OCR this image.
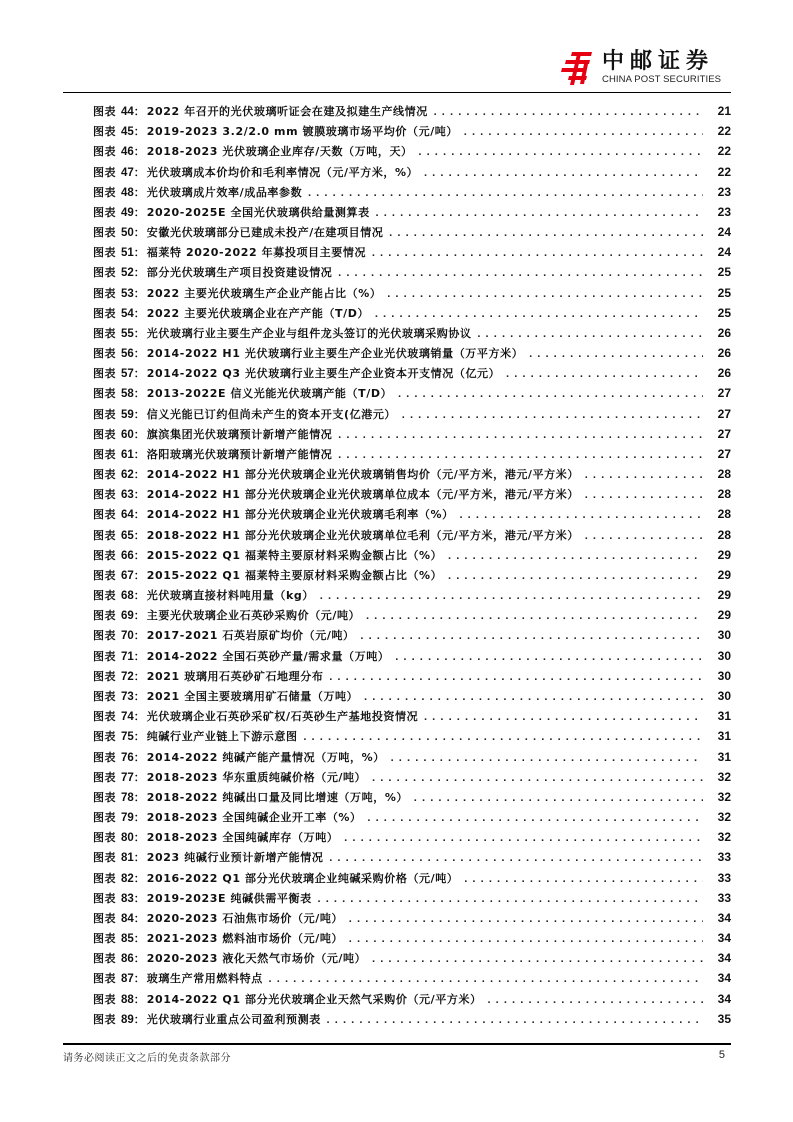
中邮证券
CHINA POST SECURITIES
图表 44 ： 2022 年召开的光伏玻璃听证会在建及拟建生产线情况 .....	21
图表 45 ： 2019-2023 3.2/2.0 mm 镀膜玻璃市场平均价（元/吨） .....	22
图表 46 ： 2018-2023 光伏玻璃企业库存/天数（万吨，天） .....	22
图表 47 ： 光伏玻璃成本价均价和毛利率情况（元/平方米，%） .....	22
图表 48 ： 光伏玻璃成片效率/成品率参数 .....	23
图表 49 ： 2020-2025E 全国光伏玻璃供给量测算表 .....	23
图表 50 ： 安徽光伏玻璃部分已建成未投产/在建项目情况 .....	24
图表 51 ： 福莱特 2020-2022 年募投项目主要情况 .....	24
图表 52 ： 部分光伏玻璃生产项目投资建设情况 .....	25
图表 53 ： 2022 主要光伏玻璃生产企业产能占比（%） .....	25
图表 54 ： 2022 主要光伏玻璃企业在产产能（T/D） .....	25
图表 55 ： 光伏玻璃行业主要生产企业与组件龙头签订的光伏玻璃采购协议 .....	26
图表 56 ： 2014-2022 H1 光伏玻璃行业主要生产企业光伏玻璃销量（万平方米） .....	26
图表 57 ： 2014-2022 Q3 光伏玻璃行业主要生产企业资本开支情况（亿元） .....	26
图表 58 ： 2013-2022E 信义光能光伏玻璃产能（T/D） .....	27
图表 59 ： 信义光能已订约但尚未产生的资本开支(亿港元） .....	27
图表 60 ： 旗滨集团光伏玻璃预计新增产能情况 .....	27
图表 61 ： 洛阳玻璃光伏玻璃预计新增产能情况 .....	27
图表 62 ： 2014-2022 H1 部分光伏玻璃企业光伏玻璃销售均价（元/平方米，港元/平方米） .....	28
图表 63 ： 2014-2022 H1 部分光伏玻璃企业光伏玻璃单位成本（元/平方米，港元/平方米） .....	28
图表 64 ： 2014-2022 H1 部分光伏玻璃企业光伏玻璃毛利率（%） .....	28
图表 65 ： 2018-2022 H1 部分光伏玻璃企业光伏玻璃单位毛利（元/平方米，港元/平方米） .....	28
图表 66 ： 2015-2022 Q1 福莱特主要原材料采购金额占比（%） .....	29
图表 67 ： 2015-2022 Q1 福莱特主要原材料采购金额占比（%） .....	29
图表 68 ： 光伏玻璃直接材料吨用量（kg） .....	29
图表 69 ： 主要光伏玻璃企业石英砂采购价（元/吨） .....	29
图表 70 ： 2017-2021 石英岩原矿均价（元/吨） .....	30
图表 71 ： 2014-2022 全国石英砂产量/需求量（万吨） .....	30
图表 72 ： 2021 玻璃用石英砂矿石地理分布 .....	30
图表 73 ： 2021 全国主要玻璃用矿石储量（万吨） .....	30
图表 74 ： 光伏玻璃企业石英砂采矿权/石英砂生产基地投资情况 .....	31
图表 75 ： 纯碱行业产业链上下游示意图 .....	31
图表 76 ： 2014-2022 纯碱产能产量情况（万吨，%） .....	31
图表 77 ： 2018-2023 华东重质纯碱价格（元/吨） .....	32
图表 78 ： 2018-2022 纯碱出口量及同比增速（万吨，%） .....	32
图表 79 ： 2018-2023 全国纯碱企业开工率（%） .....	32
图表 80 ： 2018-2023 全国纯碱库存（万吨） .....	32
图表 81 ： 2023 纯碱行业预计新增产能情况 .....	33
图表 82 ： 2016-2022 Q1 部分光伏玻璃企业纯碱采购价格（元/吨） .....	33
图表 83 ： 2019-2023E 纯碱供需平衡表 .....	33
图表 84 ： 2020-2023 石油焦市场价（元/吨） .....	34
图表 85 ： 2021-2023 燃料油市场价（元/吨） .....	34
图表 86 ： 2020-2023 液化天然气市场价（元/吨） .....	34
图表 87 ： 玻璃生产常用燃料特点 .....	34
图表 88 ： 2014-2022 Q1 部分光伏玻璃企业天然气采购价（元/平方米） .....	34
图表 89 ： 光伏玻璃行业重点公司盈利预测表 .....	35
请务必阅读正文之后的免责条款部分	5
